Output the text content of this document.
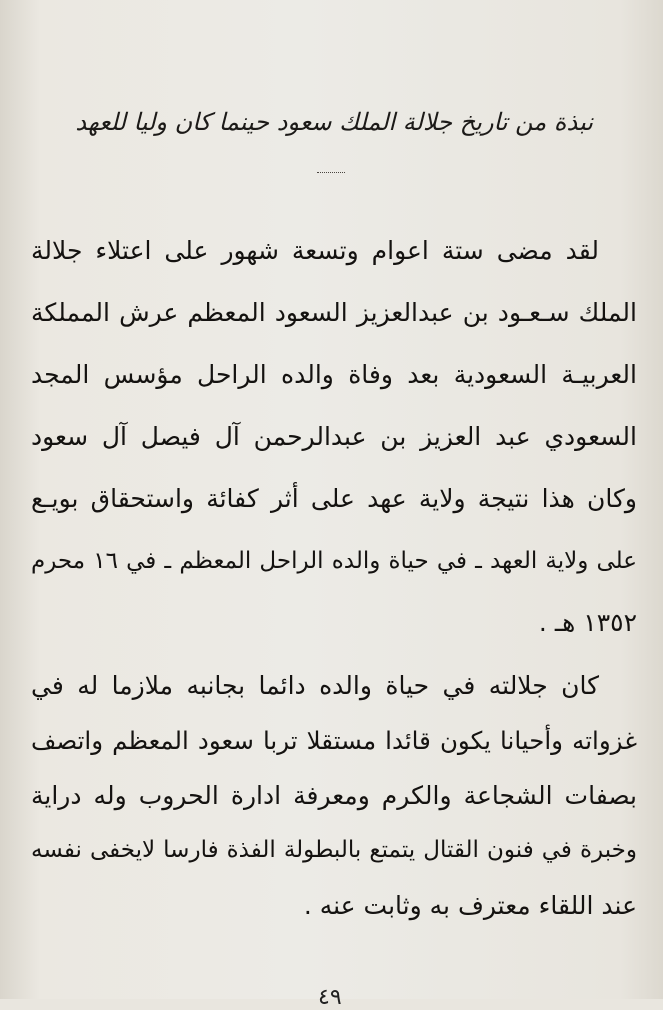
نبذة من تاريخ جلالة الملك سعود حينما كان وليا للعهد
لقد مضى ستة اعوام وتسعة شهور على اعتلاء جلالة
الملك سـعـود بن عبدالعزيز السعود المعظم عرش المملكة
العربيـة السعودية بعد وفاة والده الراحل مؤسس المجد
السعودي عبد العزيز بن عبدالرحمن آل فيصل آل سعود
وكان هذا نتيجة ولاية عهد على أثر كفائة واستحقاق بويـع
على ولاية العهد ـ في حياة والده الراحل المعظم ـ في ١٦ محرم
١٣٥٢ هـ .
كان جلالته في حياة والده دائما بجانبه ملازما له في
غزواته وأحيانا يكون قائدا مستقلا تربا سعود المعظم واتصف
بصفات الشجاعة والكرم ومعرفة ادارة الحروب وله دراية
وخبرة في فنون القتال يتمتع بالبطولة الفذة فارسا لايخفى نفسه
عند اللقاء معترف به وثابت عنه .
٤٩
